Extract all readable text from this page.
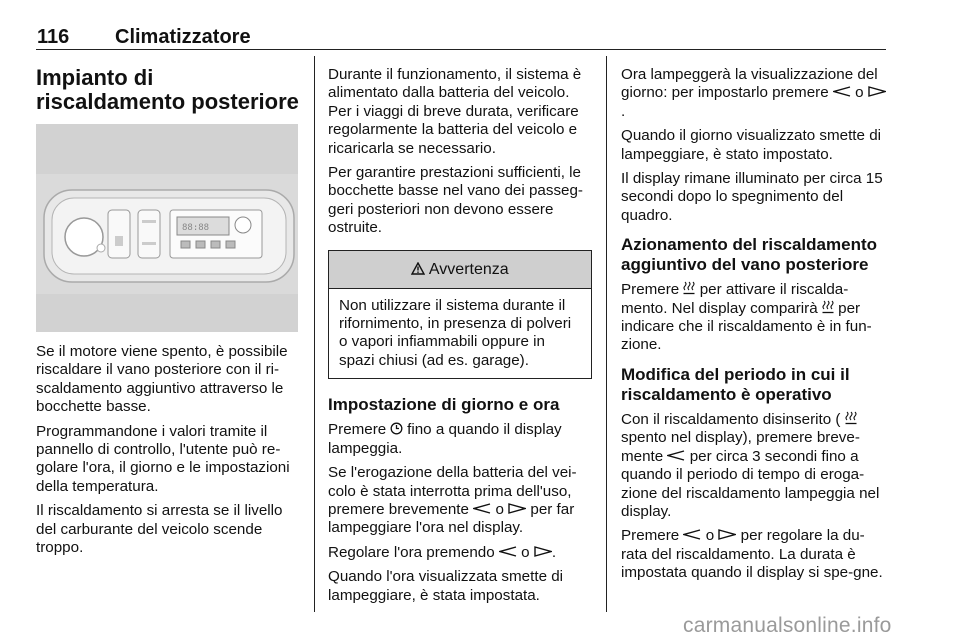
116 Climatizzatore
Impianto di riscaldamento posteriore
88:88

Se il motore viene spento, è possibile riscaldare il vano posteriore con il ri-scaldamento aggiuntivo attraverso le bocchette basse.

Programmandone i valori tramite il pannello di controllo, l'utente può re-golare l'ora, il giorno e le impostazioni della temperatura.

Il riscaldamento si arresta se il livello del carburante del veicolo scende troppo.

Durante il funzionamento, il sistema è alimentato dalla batteria del veicolo. Per i viaggi di breve durata, verificare regolarmente la batteria del veicolo e ricaricarla se necessario.

Per garantire prestazioni sufficienti, le bocchette basse nel vano dei passeg-geri posteriori non devono essere ostruite.

Avvertenza
Non utilizzare il sistema durante il rifornimento, in presenza di polveri o vapori infiammabili oppure in spazi chiusi (ad es. garage).
Impostazione di giorno e ora

Premere fino a quando il display lampeggia.

Se l'erogazione della batteria del vei-colo è stata interrotta prima dell'uso, premere brevemente o per far lampeggiare l'ora nel display.

Regolare l'ora premendo o .

Quando l'ora visualizzata smette di lampeggiare, è stata impostata.

Ora lampeggerà la visualizzazione del giorno: per impostarlo premere o .

Quando il giorno visualizzato smette di lampeggiare, è stato impostato.

Il display rimane illuminato per circa 15 secondi dopo lo spegnimento del quadro.

Azionamento del riscaldamento aggiuntivo del vano posteriore

Premere per attivare il riscalda-mento. Nel display comparirà per indicare che il riscaldamento è in fun-zione.

Modifica del periodo in cui il riscaldamento è operativo

Con il riscaldamento disinserito (  spento nel display), premere breve-mente per circa 3 secondi fino a quando il periodo di tempo di eroga-zione del riscaldamento lampeggia nel display.

Premere o per regolare la du-rata del riscaldamento. La durata è impostata quando il display si spe-gne.

carmanualsonline.info
